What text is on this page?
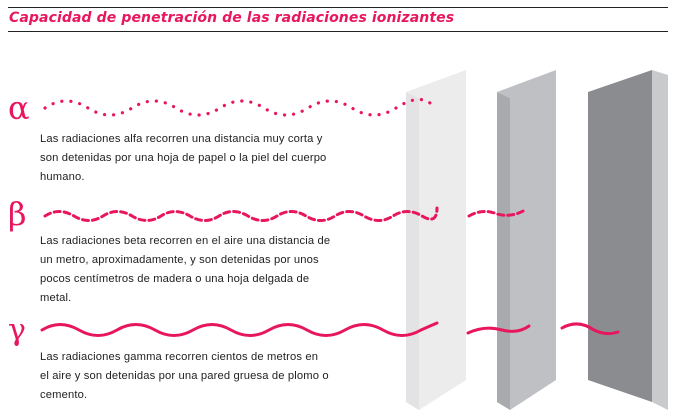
Capacidad de penetración de las radiaciones ionizantes
α
Las radiaciones alfa recorren una distancia muy corta y son detenidas por una hoja de papel o la piel del cuerpo humano.
β
Las radiaciones beta recorren en el aire una distancia de un metro, aproximadamente, y son detenidas por unos pocos centímetros de madera o una hoja delgada de metal.
γ
Las radiaciones gamma recorren cientos de metros en el aire y son detenidas por una pared gruesa de plomo o cemento.
